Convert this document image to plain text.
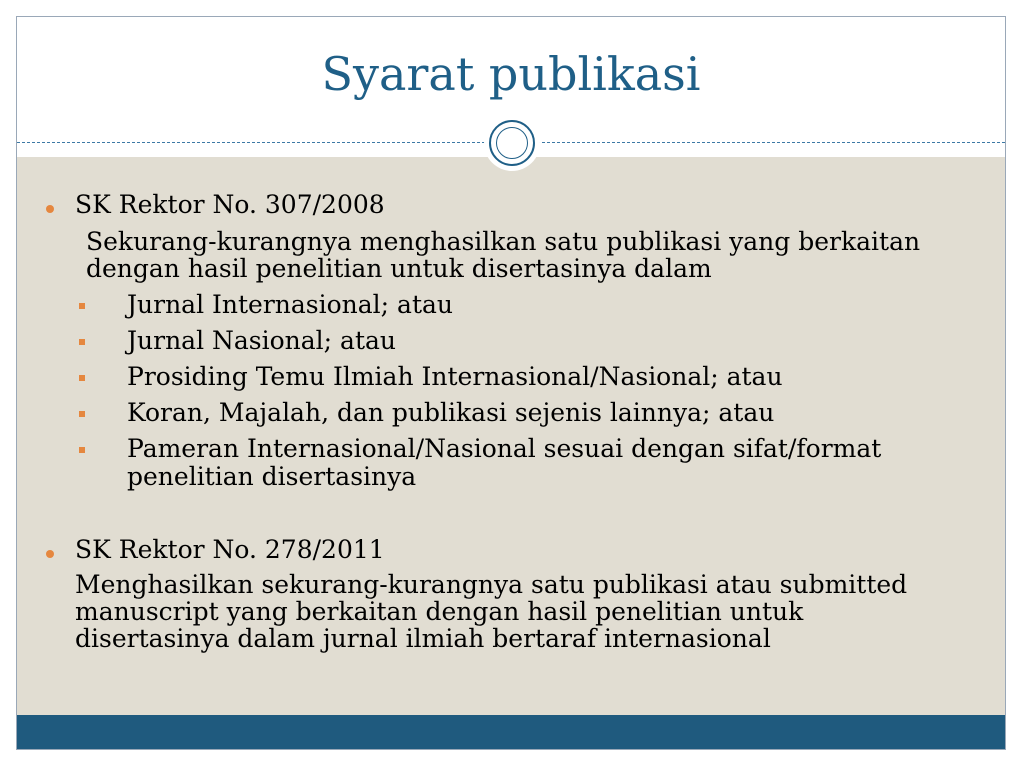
Syarat publikasi
SK Rektor No. 307/2008
Sekurang-kurangnya menghasilkan satu publikasi yang berkaitan
dengan hasil penelitian untuk disertasinya dalam
Jurnal Internasional; atau
Jurnal Nasional; atau
Prosiding Temu Ilmiah Internasional/Nasional; atau
Koran, Majalah, dan publikasi sejenis lainnya; atau
Pameran Internasional/Nasional sesuai dengan sifat/format
penelitian disertasinya
SK Rektor No. 278/2011
Menghasilkan sekurang-kurangnya satu publikasi atau submitted
manuscript yang berkaitan dengan hasil penelitian untuk
disertasinya dalam jurnal ilmiah bertaraf internasional
